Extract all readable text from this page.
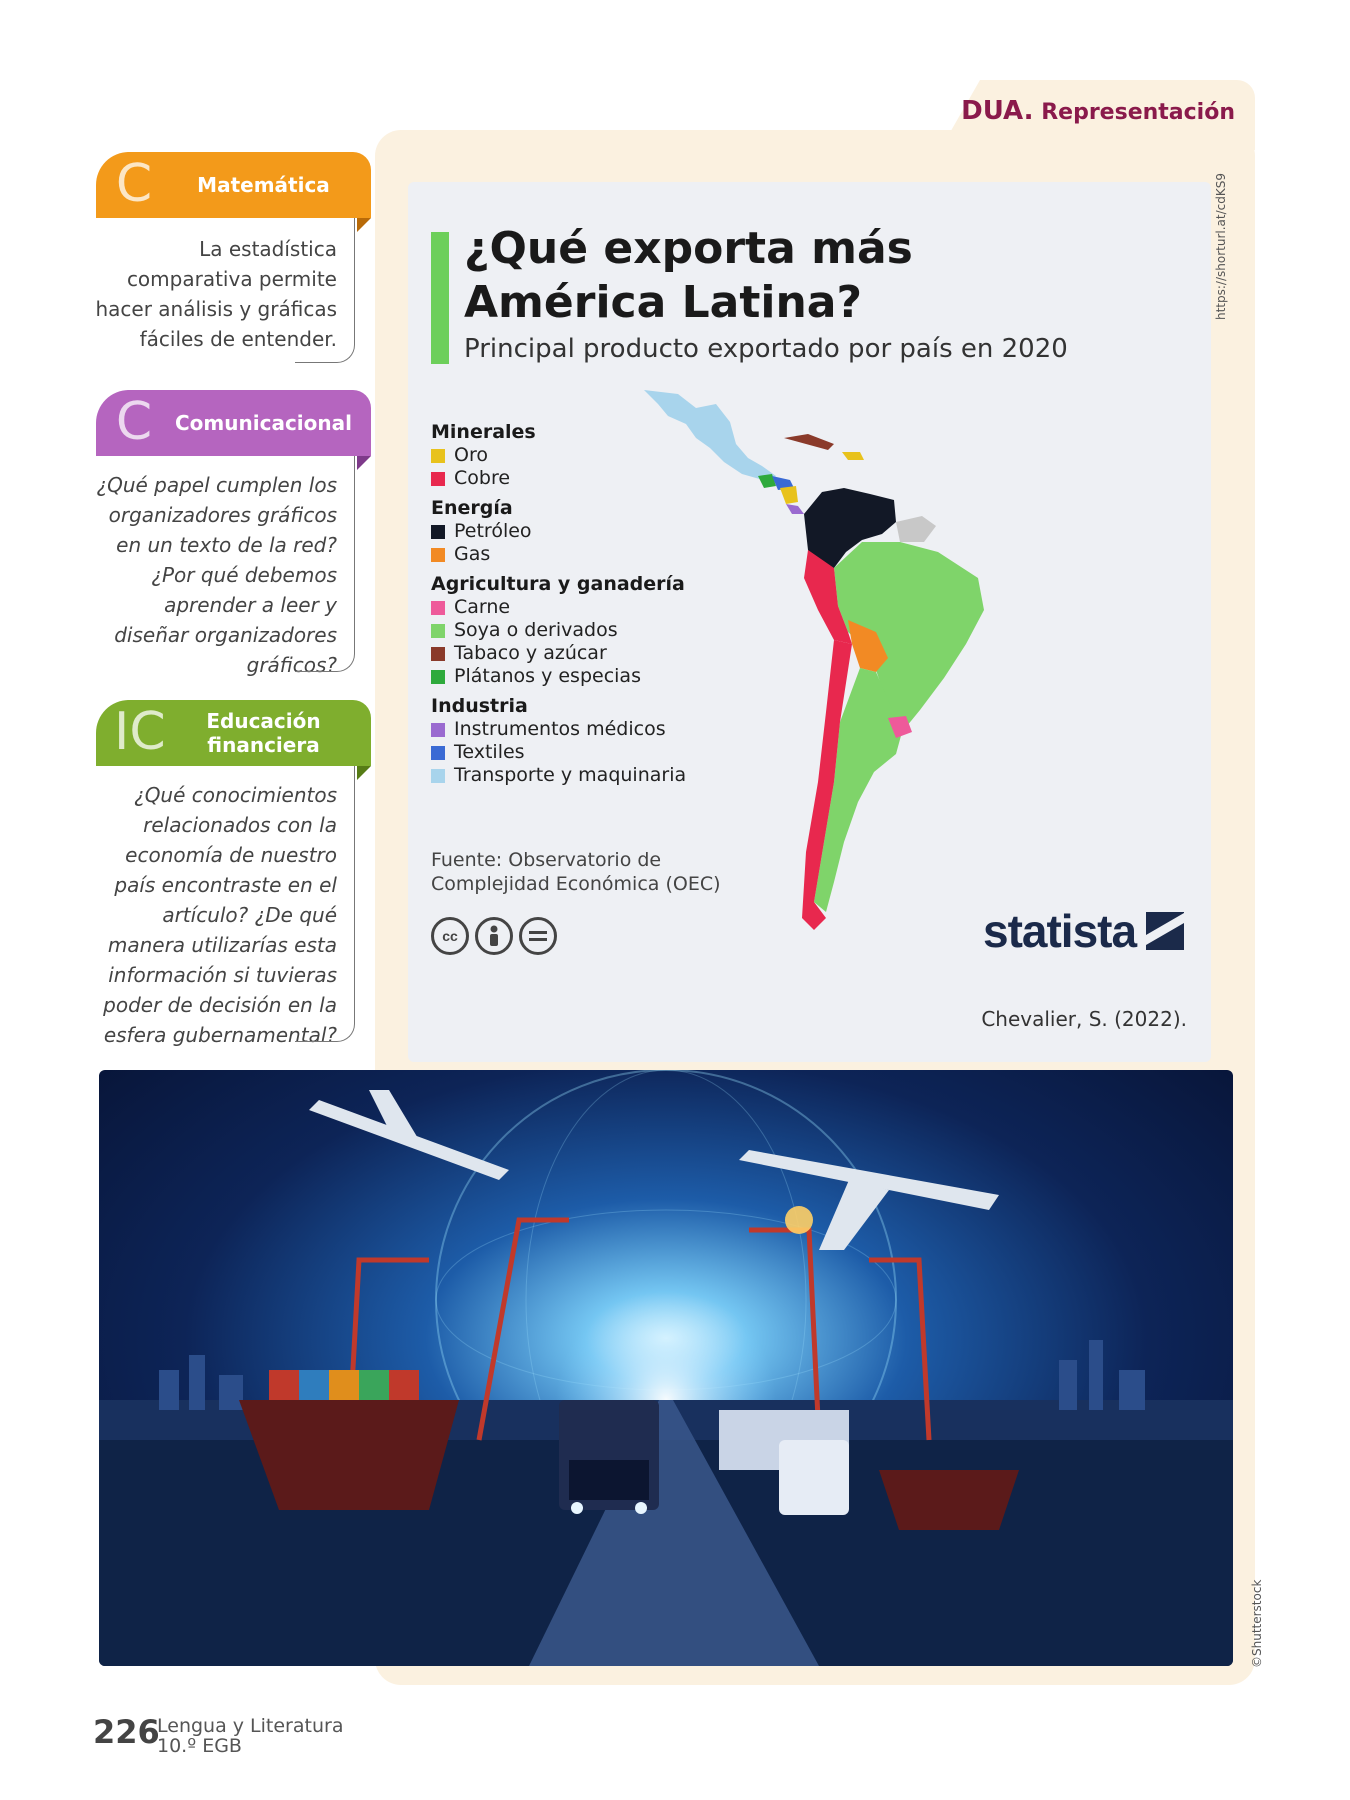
DUA. Representación
C Matemática
La estadística comparativa permite hacer análisis y gráficas fáciles de entender.
C Comunicacional
¿Qué papel cumplen los organizadores gráficos en un texto de la red? ¿Por qué debemos aprender a leer y diseñar organizadores gráficos?
IC Educación
financiera
¿Qué conocimientos relacionados con la economía de nuestro país encontraste en el artículo? ¿De qué manera utilizarías esta información si tuvieras poder de decisión en la esfera gubernamental?
¿Qué exporta más
América Latina?
Principal producto exportado por país en 2020
Minerales
Oro
Cobre
Energía
Petróleo
Gas
Agricultura y ganadería
Carne
Soya o derivados
Tabaco y azúcar
Plátanos y especias
Industria
Instrumentos médicos
Textiles
Transporte y maquinaria
Fuente: Observatorio de
Complejidad Económica (OEC)
cc	statista
Chevalier, S. (2022).
https://shorturl.at/cdKS9
©Shutterstock
226
Lengua y Literatura
10.º EGB
